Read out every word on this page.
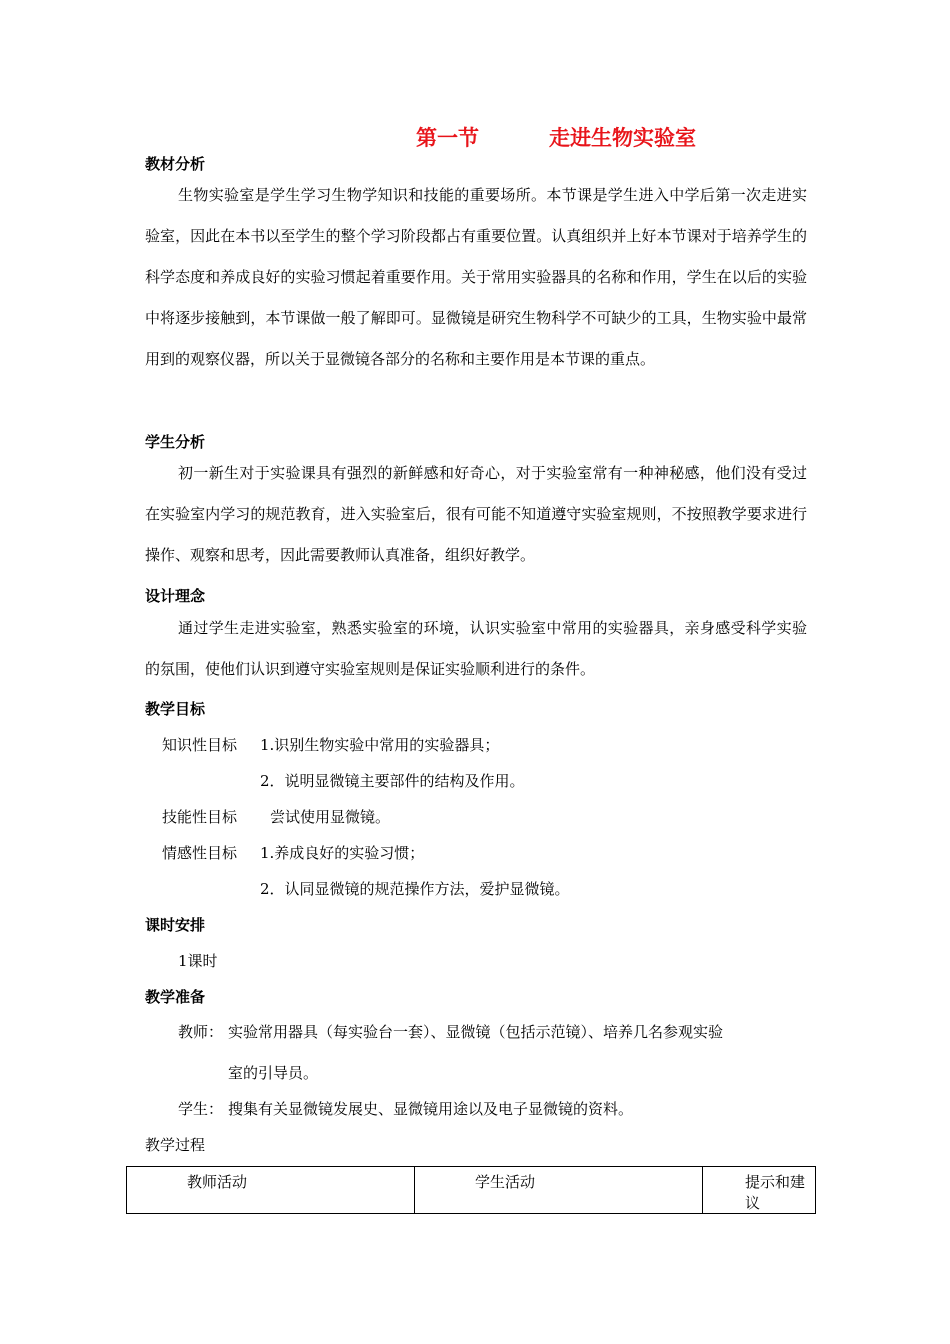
第一节	走进生物实验室
教材分析

生物实验室是学生学习生物学知识和技能的重要场所。本节课是学生进入中学后第一次走进实验室，因此在本书以至学生的整个学习阶段都占有重要位置。认真组织并上好本节课对于培养学生的科学态度和养成良好的实验习惯起着重要作用。关于常用实验器具的名称和作用，学生在以后的实验中将逐步接触到，本节课做一般了解即可。显微镜是研究生物科学不可缺少的工具，生物实验中最常用到的观察仪器，所以关于显微镜各部分的名称和主要作用是本节课的重点。

学生分析

初一新生对于实验课具有强烈的新鲜感和好奇心，对于实验室常有一种神秘感，他们没有受过在实验室内学习的规范教育，进入实验室后，很有可能不知道遵守实验室规则，不按照教学要求进行操作、观察和思考，因此需要教师认真准备，组织好教学。

设计理念

通过学生走进实验室，熟悉实验室的环境，认识实验室中常用的实验器具，亲身感受科学实验的氛围，使他们认识到遵守实验室规则是保证实验顺利进行的条件。

教学目标
知识性目标 1.识别生物实验中常用的实验器具；
2．说明显微镜主要部件的结构及作用。
技能性目标 尝试使用显微镜。
情感性目标 1.养成良好的实验习惯；
2．认同显微镜的规范操作方法，爱护显微镜。
课时安排
1课时
教学准备
教师： 实验常用器具（每实验台一套）、显微镜（包括示范镜）、培养几名参观实验
室的引导员。
学生： 搜集有关显微镜发展史、显微镜用途以及电子显微镜的资料。
教学过程
教师活动	学生活动	提示和建议
